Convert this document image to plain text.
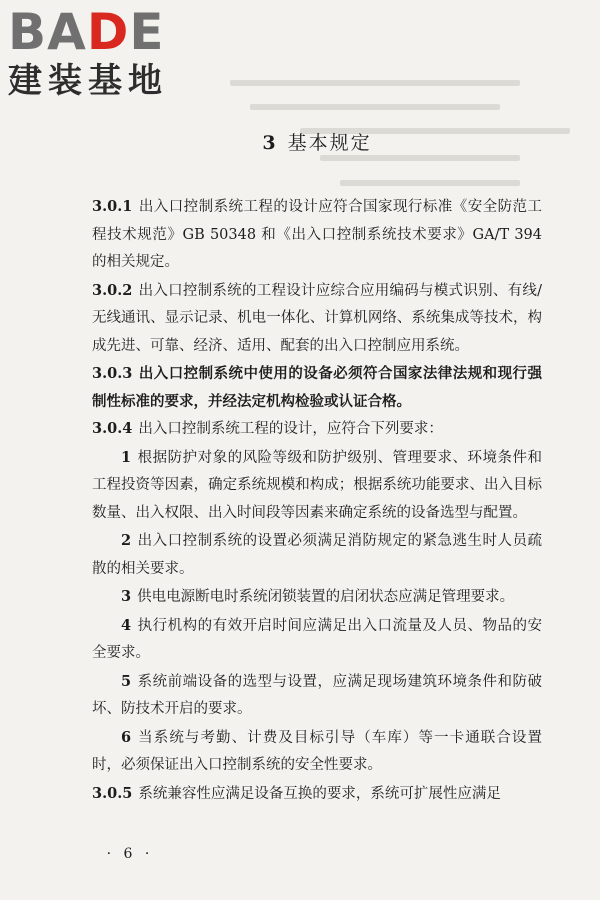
BADE
建装基地
3 基本规定

3.0.1 出入口控制系统工程的设计应符合国家现行标准《安全防范工程技术规范》GB 50348 和《出入口控制系统技术要求》GA/T 394 的相关规定。

3.0.2 出入口控制系统的工程设计应综合应用编码与模式识别、有线/无线通讯、显示记录、机电一体化、计算机网络、系统集成等技术，构成先进、可靠、经济、适用、配套的出入口控制应用系统。

3.0.3 出入口控制系统中使用的设备必须符合国家法律法规和现行强制性标准的要求，并经法定机构检验或认证合格。

3.0.4 出入口控制系统工程的设计，应符合下列要求：

1 根据防护对象的风险等级和防护级别、管理要求、环境条件和工程投资等因素，确定系统规模和构成；根据系统功能要求、出入目标数量、出入权限、出入时间段等因素来确定系统的设备选型与配置。

2 出入口控制系统的设置必须满足消防规定的紧急逃生时人员疏散的相关要求。

3 供电电源断电时系统闭锁装置的启闭状态应满足管理要求。

4 执行机构的有效开启时间应满足出入口流量及人员、物品的安全要求。

5 系统前端设备的选型与设置，应满足现场建筑环境条件和防破坏、防技术开启的要求。

6 当系统与考勤、计费及目标引导（车库）等一卡通联合设置时，必须保证出入口控制系统的安全性要求。

3.0.5 系统兼容性应满足设备互换的要求，系统可扩展性应满足

· 6 ·
